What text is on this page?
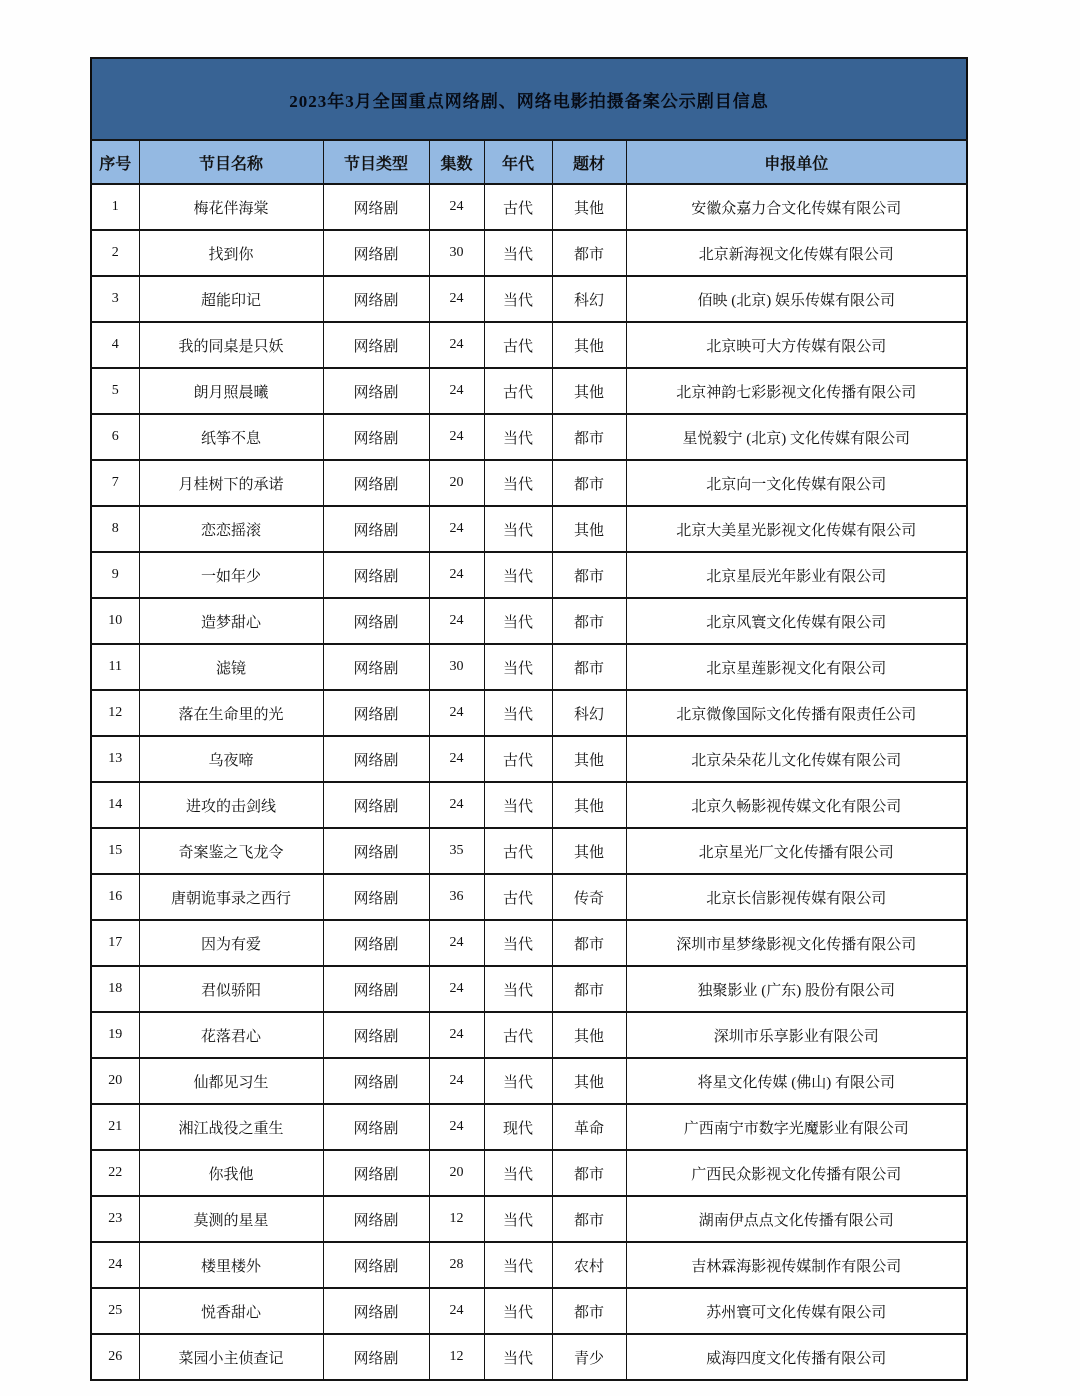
2023年3月全国重点网络剧、网络电影拍摄备案公示剧目信息						
序号	节目名称	节目类型	集数	年代	题材	申报单位
1	梅花伴海棠	网络剧	24	古代	其他	安徽众嘉力合文化传媒有限公司
2	找到你	网络剧	30	当代	都市	北京新海视文化传媒有限公司
3	超能印记	网络剧	24	当代	科幻	佰映 (北京) 娱乐传媒有限公司
4	我的同桌是只妖	网络剧	24	古代	其他	北京映可大方传媒有限公司
5	朗月照晨曦	网络剧	24	古代	其他	北京神韵七彩影视文化传播有限公司
6	纸筝不息	网络剧	24	当代	都市	星悦毅宁 (北京) 文化传媒有限公司
7	月桂树下的承诺	网络剧	20	当代	都市	北京向一文化传媒有限公司
8	恋恋摇滚	网络剧	24	当代	其他	北京大美星光影视文化传媒有限公司
9	一如年少	网络剧	24	当代	都市	北京星辰光年影业有限公司
10	造梦甜心	网络剧	24	当代	都市	北京风寰文化传媒有限公司
11	滤镜	网络剧	30	当代	都市	北京星莲影视文化有限公司
12	落在生命里的光	网络剧	24	当代	科幻	北京微像国际文化传播有限责任公司
13	乌夜啼	网络剧	24	古代	其他	北京朵朵花儿文化传媒有限公司
14	进攻的击剑线	网络剧	24	当代	其他	北京久畅影视传媒文化有限公司
15	奇案鉴之飞龙令	网络剧	35	古代	其他	北京星光厂文化传播有限公司
16	唐朝诡事录之西行	网络剧	36	古代	传奇	北京长信影视传媒有限公司
17	因为有爱	网络剧	24	当代	都市	深圳市星梦缘影视文化传播有限公司
18	君似骄阳	网络剧	24	当代	都市	独聚影业 (广东) 股份有限公司
19	花落君心	网络剧	24	古代	其他	深圳市乐享影业有限公司
20	仙都见习生	网络剧	24	当代	其他	将星文化传媒 (佛山) 有限公司
21	湘江战役之重生	网络剧	24	现代	革命	广西南宁市数字光魔影业有限公司
22	你我他	网络剧	20	当代	都市	广西民众影视文化传播有限公司
23	莫测的星星	网络剧	12	当代	都市	湖南伊点点文化传播有限公司
24	楼里楼外	网络剧	28	当代	农村	吉林霖海影视传媒制作有限公司
25	悦香甜心	网络剧	24	当代	都市	苏州寰可文化传媒有限公司
26	菜园小主侦查记	网络剧	12	当代	青少	威海四度文化传播有限公司
